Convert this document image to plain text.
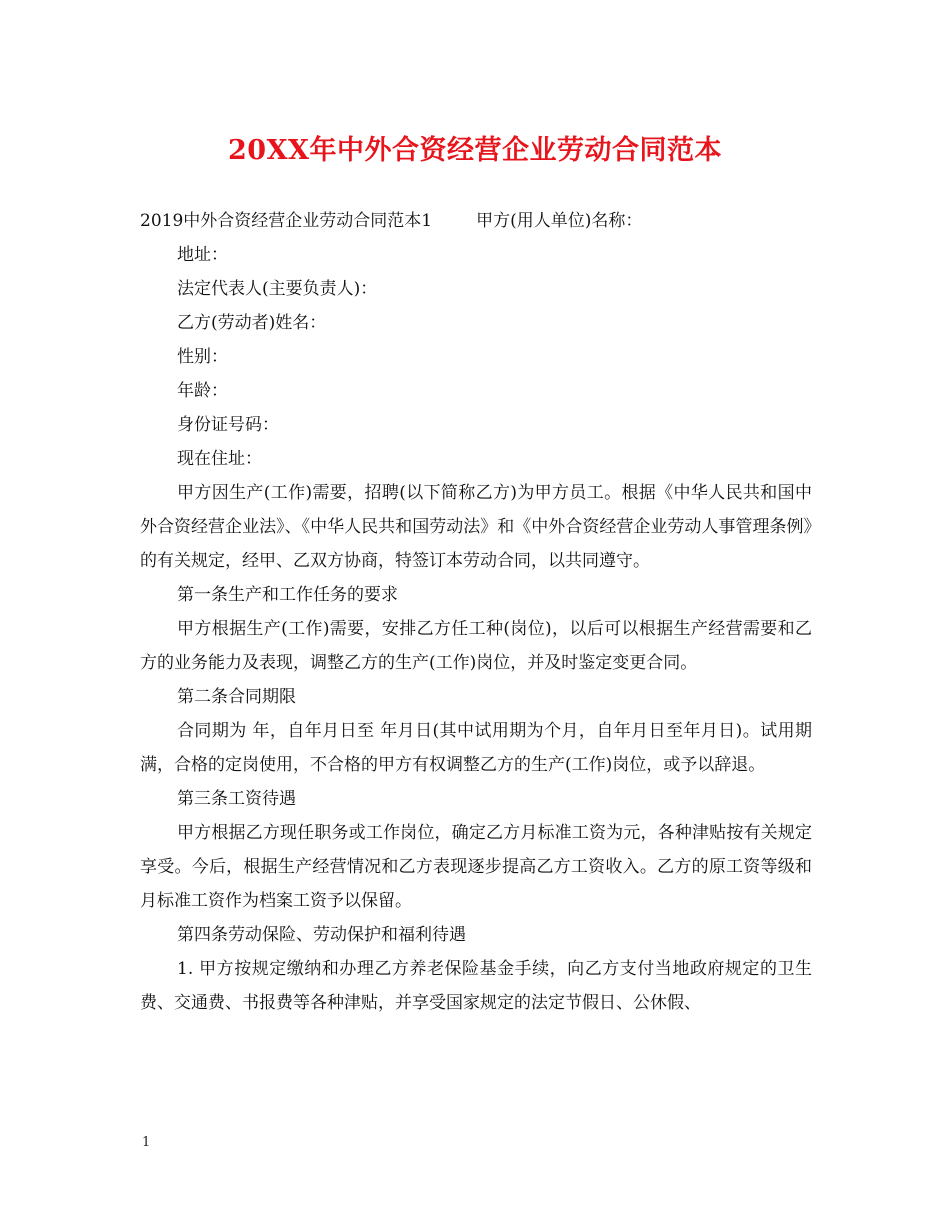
20XX年中外合资经营企业劳动合同范本
2019中外合资经营企业劳动合同范本1	甲方(用人单位)名称：
地址：
法定代表人(主要负责人)：
乙方(劳动者)姓名：
性别：
年龄：
身份证号码：
现在住址：

甲方因生产(工作)需要，招聘(以下简称乙方)为甲方员工。根据《中华人民共和国中外合资经营企业法》、《中华人民共和国劳动法》和《中外合资经营企业劳动人事管理条例》的有关规定，经甲、乙双方协商，特签订本劳动合同，以共同遵守。

第一条生产和工作任务的要求

甲方根据生产(工作)需要，安排乙方任工种(岗位)，以后可以根据生产经营需要和乙方的业务能力及表现，调整乙方的生产(工作)岗位，并及时鉴定变更合同。

第二条合同期限

合同期为 年，自年月日至 年月日(其中试用期为个月，自年月日至年月日)。试用期满，合格的定岗使用，不合格的甲方有权调整乙方的生产(工作)岗位，或予以辞退。

第三条工资待遇

甲方根据乙方现任职务或工作岗位，确定乙方月标准工资为元，各种津贴按有关规定享受。今后，根据生产经营情况和乙方表现逐步提高乙方工资收入。乙方的原工资等级和月标准工资作为档案工资予以保留。

第四条劳动保险、劳动保护和福利待遇

1. 甲方按规定缴纳和办理乙方养老保险基金手续，向乙方支付当地政府规定的卫生费、交通费、书报费等各种津贴，并享受国家规定的法定节假日、公休假、

1
